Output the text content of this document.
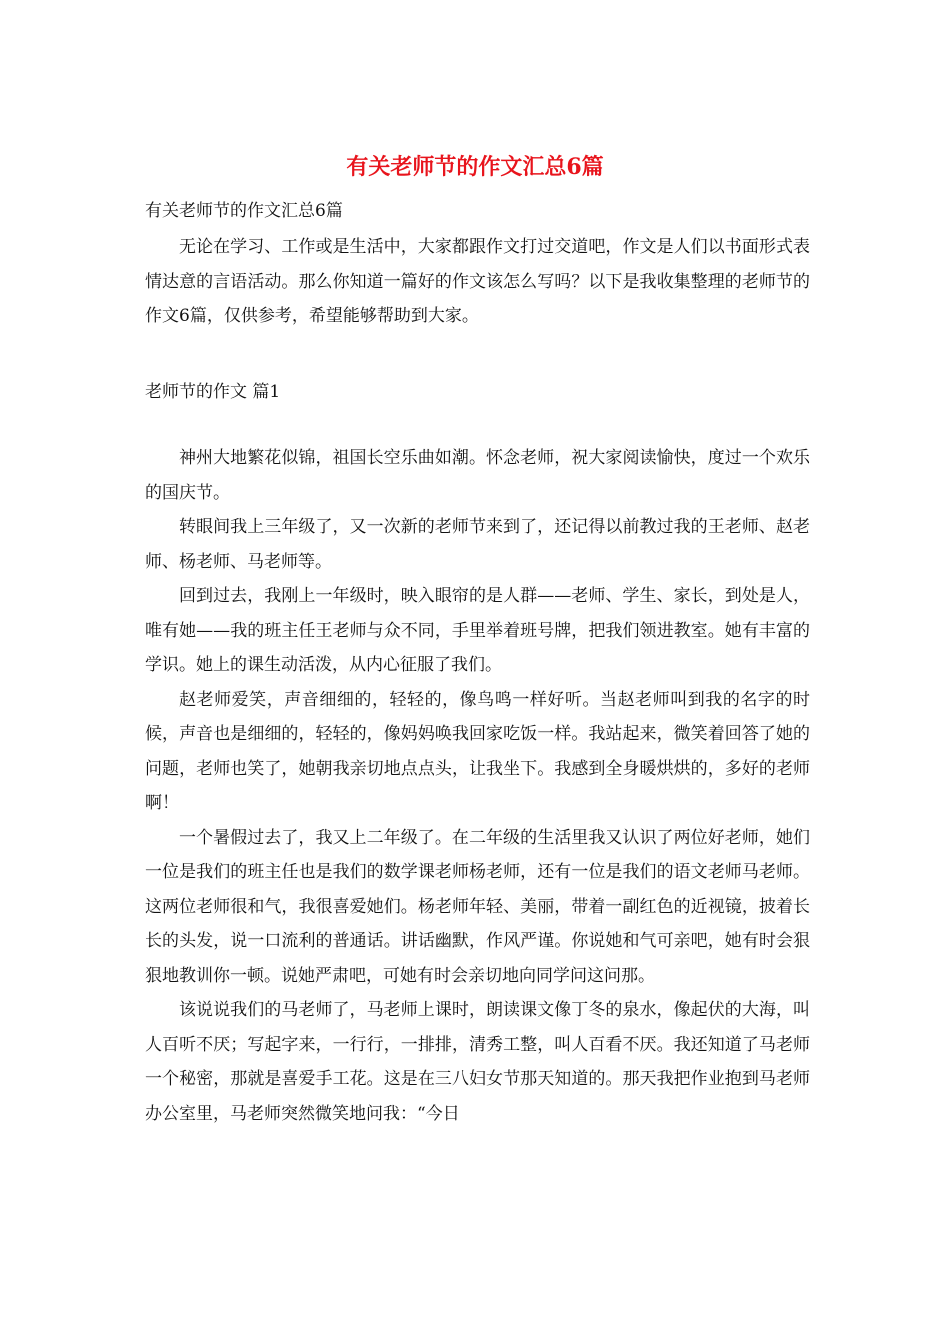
有关老师节的作文汇总6篇

有关老师节的作文汇总6篇

无论在学习、工作或是生活中，大家都跟作文打过交道吧，作文是人们以书面形式表情达意的言语活动。那么你知道一篇好的作文该怎么写吗？以下是我收集整理的老师节的作文6篇，仅供参考，希望能够帮助到大家。

老师节的作文 篇1

神州大地繁花似锦，祖国长空乐曲如潮。怀念老师，祝大家阅读愉快，度过一个欢乐的国庆节。

转眼间我上三年级了，又一次新的老师节来到了，还记得以前教过我的王老师、赵老师、杨老师、马老师等。

回到过去，我刚上一年级时，映入眼帘的是人群——老师、学生、家长，到处是人，唯有她——我的班主任王老师与众不同，手里举着班号牌，把我们领进教室。她有丰富的学识。她上的课生动活泼，从内心征服了我们。

赵老师爱笑，声音细细的，轻轻的，像鸟鸣一样好听。当赵老师叫到我的名字的时候，声音也是细细的，轻轻的，像妈妈唤我回家吃饭一样。我站起来，微笑着回答了她的问题，老师也笑了，她朝我亲切地点点头，让我坐下。我感到全身暖烘烘的，多好的老师啊！

一个暑假过去了，我又上二年级了。在二年级的生活里我又认识了两位好老师，她们一位是我们的班主任也是我们的数学课老师杨老师，还有一位是我们的语文老师马老师。这两位老师很和气，我很喜爱她们。杨老师年轻、美丽，带着一副红色的近视镜，披着长长的头发，说一口流利的普通话。讲话幽默，作风严谨。你说她和气可亲吧，她有时会狠狠地教训你一顿。说她严肃吧，可她有时会亲切地向同学问这问那。

该说说我们的马老师了，马老师上课时，朗读课文像丁冬的泉水，像起伏的大海，叫人百听不厌；写起字来，一行行，一排排，清秀工整，叫人百看不厌。我还知道了马老师一个秘密，那就是喜爱手工花。这是在三八妇女节那天知道的。那天我把作业抱到马老师办公室里，马老师突然微笑地问我：“今日
